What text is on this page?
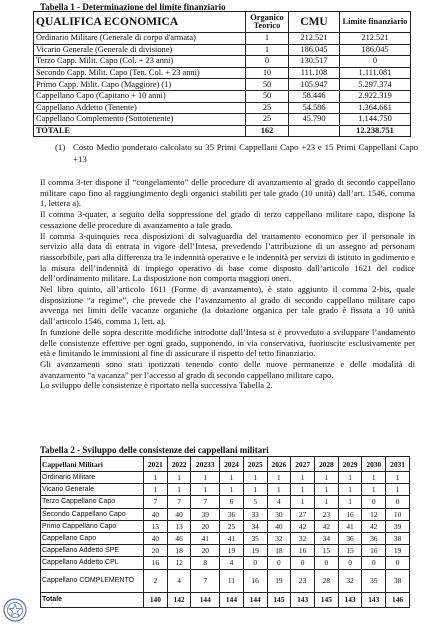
Tabella 1 - Determinazione del limite finanziario
QUALIFICA ECONOMICA	Organico Teorico	CMU	Limite finanziario
Ordinario Militare (Generale di corpo d'armata)	1	212.521	212.521
Vicario Generale (Generale di divisione)	1	186.045	186.045
Terzo Capp. Milit. Capo (Col. + 23 anni)	0	130.517	0
Secondo Capp. Milit. Capo (Ten. Col. + 23 anni)	10	111.108	1.111.081
Primo Capp. Milit. Capo (Maggiore) (1)	50	105.947	5.297.374
Cappellano Capo (Capitano + 10 anni)	50	58.446	2.922.319
Cappellano Addetto (Tenente)	25	54.586	1.364.661
Cappellano Complemento (Sottotenente)	25	45.790	1.144.750
TOTALE	162		12.238.751
(1) Costo Medio ponderato calcolato su 35 Primi Cappellani Capo +23 e 15 Primi Cappellani Capo +13

Il comma 3-ter dispone il “congelamento” delle procedure di avanzamento al grado di secondo cappellano militare capo fino al raggiungimento degli organici stabiliti per tale grado (10 unità) dall’art. 1546, comma 1, lettera a).

Il comma 3-quater, a seguito della soppressione del grado di terzo cappellano militare capo, dispone la cessazione delle procedure di avanzamento a tale grado.

Il comma 3-quinquies reca disposizioni di salvaguardia del trattamento economico per il personale in servizio alla data di entrata in vigore dell’Intesa, prevedendo l’attribuzione di un assegno ad personam riassorbibile, pari alla differenza tra le indennità operative e le indennità per servizi di istituto in godimento e la misura dell’indennità di impiego operativo di base come disposto dall’articolo 1621 del codice dell’ordinamento militare. La disposizione non comporta maggiori oneri.

Nel libro quinto, all’articolo 1611 (Forme di avanzamento), è stato aggiunto il comma 2-bis, quale disposizione “a regime”, che prevede che l’avanzamento al grado di secondo cappellano militare capo avvenga nei limiti delle vacanze organiche (la dotazione organica per tale grado è fissata a 10 unità dall’articolo 1546, comma 1, lett. a).

In funzione delle sopra descritte modifiche introdotte dall’Intesa si è provveduto a sviluppare l’andamento delle consistenze effettive per ogni grado, supponendo, in via conservativa, fuoriuscite esclusivamente per età e limitando le immissioni al fine di assicurare il rispetto del tetto finanziario.

Gli avanzamenti sono stati ipotizzati tenendo conto delle nuove permanenze e delle modalità di avanzamento “a vacanza” per l’accesso al grado di secondo cappellano militare capo.

Lo sviluppo delle consistenze è riportato nella successiva Tabella 2.

Tabella 2 - Sviluppo delle consistenze dei cappellani militari
Cappellani Militari	2021	2022	20233	2024	2025	2026	2027	2028	2029	2030	2031
Ordinario Militare	1	1	1	1	1	1	1	1	1	1	1
Vicario Generale	1	1	1	1	1	1	1	1	1	1	1
Terzo Cappellano Capo	7	7	7	6	5	4	1	1	1	0	0
Secondo Cappellano Capo	40	40	39	36	33	30	27	23	16	12	10
Primo Cappellano Capo	13	13	20	25	34	40	42	42	41	42	39
Cappellano Capo	40	46	41	41	35	32	32	34	36	36	38
Cappellano Addetto SPE	20	18	20	19	19	18	16	15	15	16	19
Cappellano Addetto CPL	16	12	8	4	0	0	0	0	0	0	0
Cappellano COMPLEMENTO	2	4	7	11	16	19	23	28	32	35	38
Totale	140	142	144	144	144	145	143	145	143	143	146
